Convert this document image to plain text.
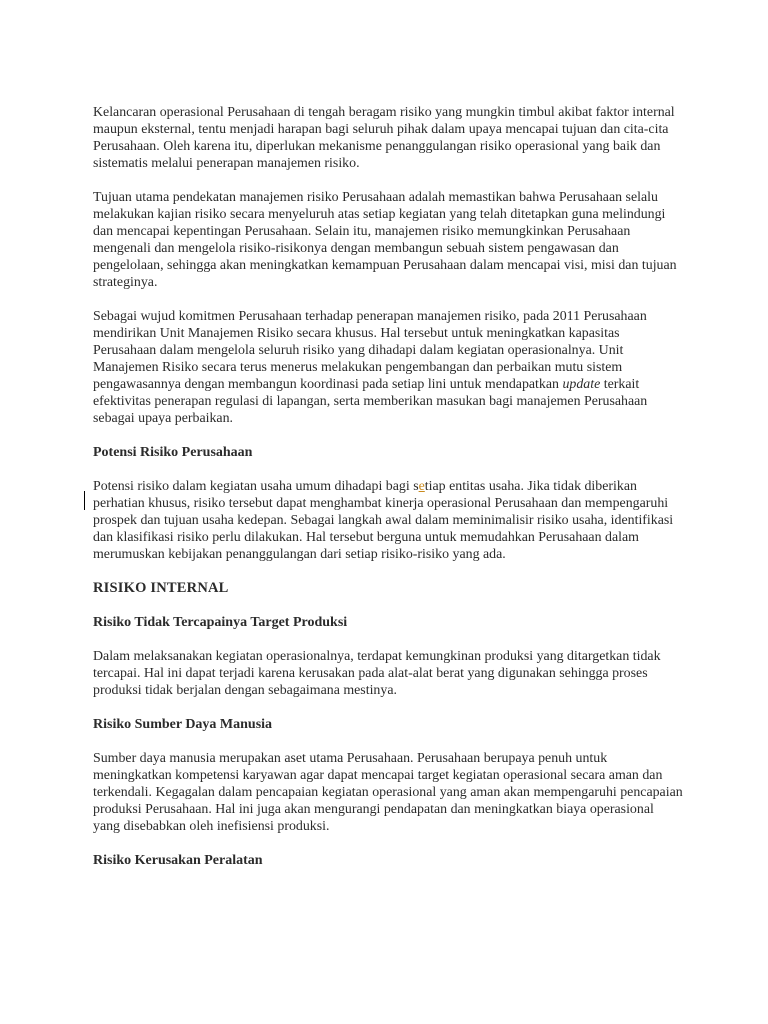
Kelancaran operasional Perusahaan di tengah beragam risiko yang mungkin timbul akibat faktor internal maupun eksternal, tentu menjadi harapan bagi seluruh pihak dalam upaya mencapai tujuan dan cita-cita Perusahaan. Oleh karena itu, diperlukan mekanisme penanggulangan risiko operasional yang baik dan sistematis melalui penerapan manajemen risiko.

Tujuan utama pendekatan manajemen risiko Perusahaan adalah memastikan bahwa Perusahaan selalu melakukan kajian risiko secara menyeluruh atas setiap kegiatan yang telah ditetapkan guna melindungi dan mencapai kepentingan Perusahaan. Selain itu, manajemen risiko memungkinkan Perusahaan mengenali dan mengelola risiko-risikonya dengan membangun sebuah sistem pengawasan dan pengelolaan, sehingga akan meningkatkan kemampuan Perusahaan dalam mencapai visi, misi dan tujuan strateginya.

Sebagai wujud komitmen Perusahaan terhadap penerapan manajemen risiko, pada 2011 Perusahaan mendirikan Unit Manajemen Risiko secara khusus. Hal tersebut untuk meningkatkan kapasitas Perusahaan dalam mengelola seluruh risiko yang dihadapi dalam kegiatan operasionalnya. Unit Manajemen Risiko secara terus menerus melakukan pengembangan dan perbaikan mutu sistem pengawasannya dengan membangun koordinasi pada setiap lini untuk mendapatkan update terkait efektivitas penerapan regulasi di lapangan, serta memberikan masukan bagi manajemen Perusahaan sebagai upaya perbaikan.

Potensi Risiko Perusahaan

Potensi risiko dalam kegiatan usaha umum dihadapi bagi setiap entitas usaha. Jika tidak diberikan perhatian khusus, risiko tersebut dapat menghambat kinerja operasional Perusahaan dan mempengaruhi prospek dan tujuan usaha kedepan. Sebagai langkah awal dalam meminimalisir risiko usaha, identifikasi dan klasifikasi risiko perlu dilakukan. Hal tersebut berguna untuk memudahkan Perusahaan dalam merumuskan kebijakan penanggulangan dari setiap risiko-risiko yang ada.

RISIKO INTERNAL

Risiko Tidak Tercapainya Target Produksi

Dalam melaksanakan kegiatan operasionalnya, terdapat kemungkinan produksi yang ditargetkan tidak tercapai. Hal ini dapat terjadi karena kerusakan pada alat-alat berat yang digunakan sehingga proses produksi tidak berjalan dengan sebagaimana mestinya.

Risiko Sumber Daya Manusia

Sumber daya manusia merupakan aset utama Perusahaan. Perusahaan berupaya penuh untuk meningkatkan kompetensi karyawan agar dapat mencapai target kegiatan operasional secara aman dan terkendali. Kegagalan dalam pencapaian kegiatan operasional yang aman akan mempengaruhi pencapaian produksi Perusahaan. Hal ini juga akan mengurangi pendapatan dan meningkatkan biaya operasional yang disebabkan oleh inefisiensi produksi.

Risiko Kerusakan Peralatan
